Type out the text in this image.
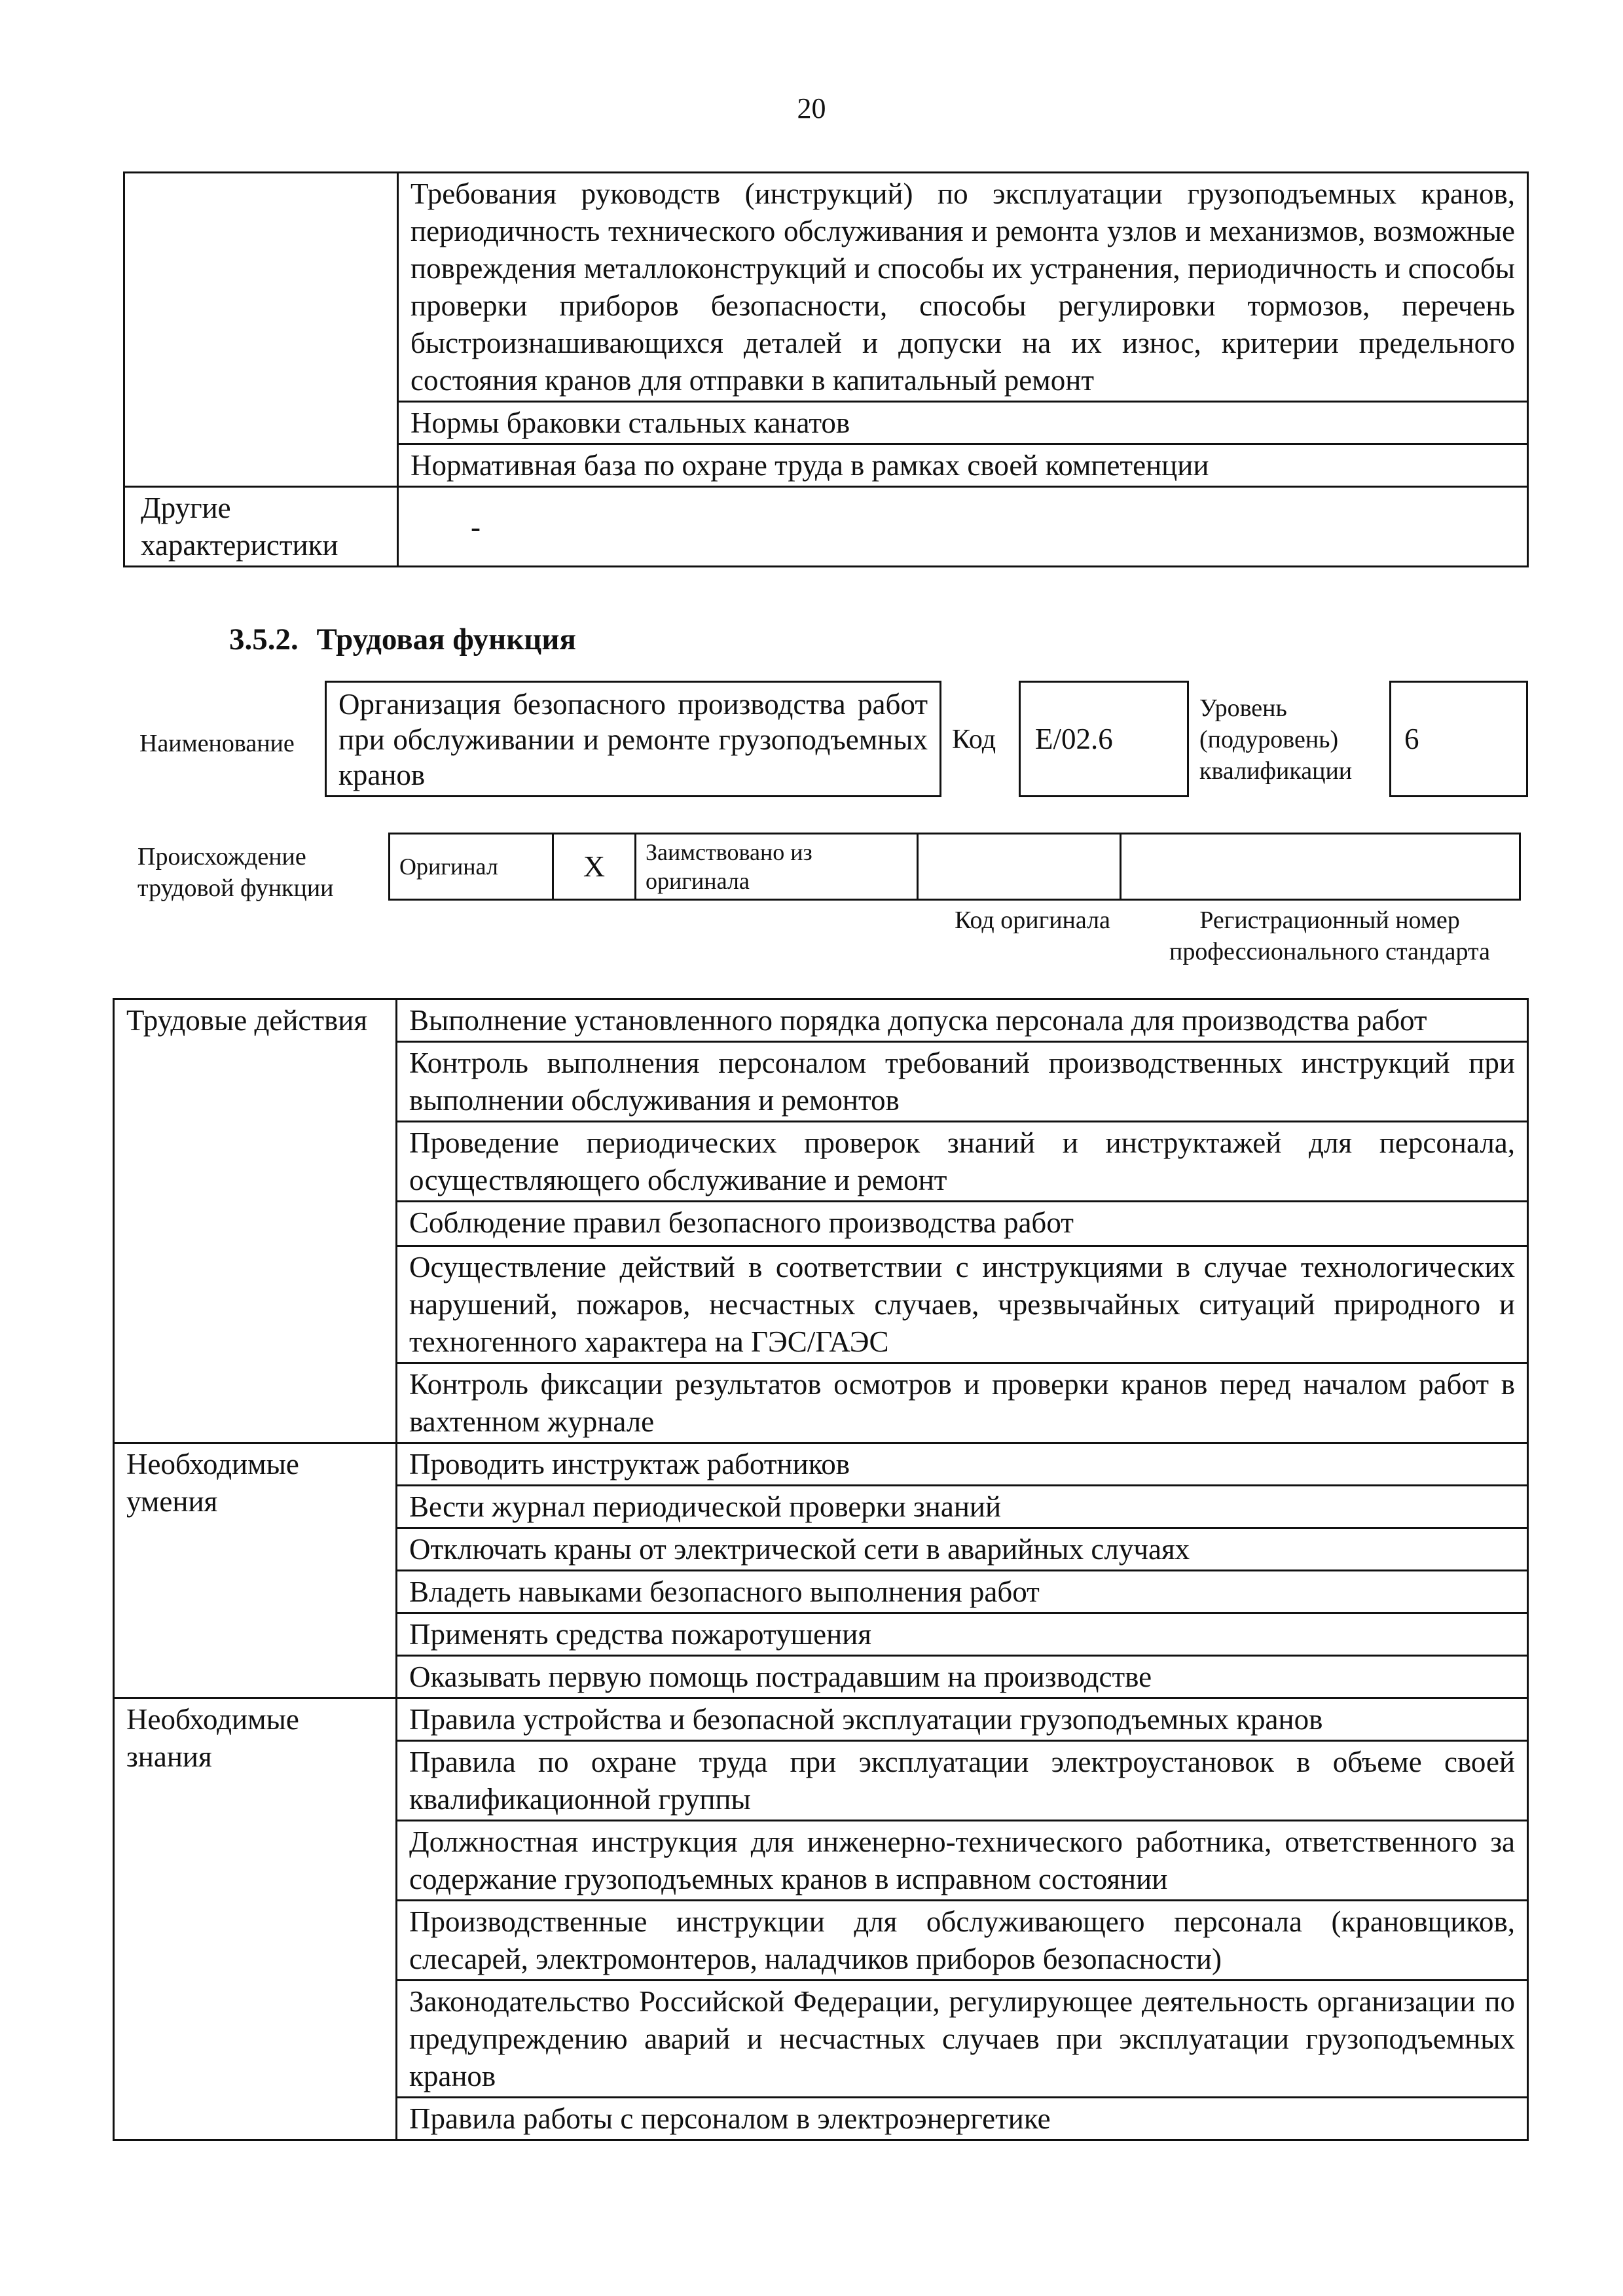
20
	Требования руководств (инструкций) по эксплуатации грузоподъемных кранов, периодичность технического обслуживания и ремонта узлов и механизмов, возможные повреждения металлоконструкций и способы их устранения, периодичность и способы проверки приборов безопасности, способы регулировки тормозов, перечень быстроизнашивающихся деталей и допуски на их износ, критерии предельного состояния кранов для отправки в капитальный ремонт
	Нормы браковки стальных канатов
	Нормативная база по охране труда в рамках своей компетенции
Другие характеристики	-
3.5.2. Трудовая функция
Наименование
Организация безопасного производства работ при обслуживании и ремонте грузоподъемных кранов
Код	E/02.6
Уровень (подуровень) квалификации
6
Происхождение трудовой функции
Оригинал	X	Заимствовано из оригинала		
Код оригинала	Регистрационный номер профессионального стандарта
Трудовые действия	Выполнение установленного порядка допуска персонала для производства работ
	Контроль выполнения персоналом требований производственных инструкций при выполнении обслуживания и ремонтов
	Проведение периодических проверок знаний и инструктажей для персонала, осуществляющего обслуживание и ремонт
	Соблюдение правил безопасного производства работ
	Осуществление действий в соответствии с инструкциями в случае технологических нарушений, пожаров, несчастных случаев, чрезвычайных ситуаций природного и техногенного характера на ГЭС/ГАЭС
	Контроль фиксации результатов осмотров и проверки кранов перед началом работ в вахтенном журнале
Необходимые умения	Проводить инструктаж работников
	Вести журнал периодической проверки знаний
	Отключать краны от электрической сети в аварийных случаях
	Владеть навыками безопасного выполнения работ
	Применять средства пожаротушения
	Оказывать первую помощь пострадавшим на производстве
Необходимые знания	Правила устройства и безопасной эксплуатации грузоподъемных кранов
	Правила по охране труда при эксплуатации электроустановок в объеме своей квалификационной группы
	Должностная инструкция для инженерно-технического работника, ответственного за содержание грузоподъемных кранов в исправном состоянии
	Производственные инструкции для обслуживающего персонала (крановщиков, слесарей, электромонтеров, наладчиков приборов безопасности)
	Законодательство Российской Федерации, регулирующее деятельность организации по предупреждению аварий и несчастных случаев при эксплуатации грузоподъемных кранов
	Правила работы с персоналом в электроэнергетике
